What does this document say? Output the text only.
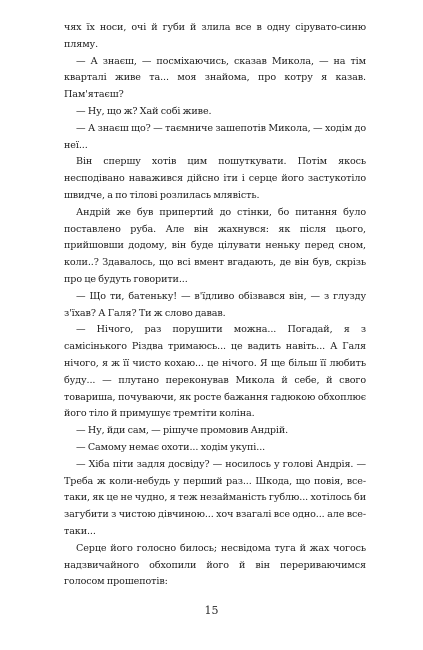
чях їх носи, очі й губи й злила все в одну сірувато-синю пляму.

— А знаєш, — посміхаючись, сказав Микола, — на тім кварталі живе та... моя знайома, про котру я казав. Пам'ятаєш?

— Ну, що ж? Хай собі живе.

— А знаєш що? — таємниче зашепотів Микола, — ходім до неї...

Він спершу хотів цим пошуткувати. Потім якось несподівано наважився дійсно іти і серце його застукотіло швидче, а по тілові розлилась млявість.

Андрій же був припертий до стінки, бо питання було поставлено руба. Але він жахнувся: як після цього, прийшовши додому, він буде цілувати неньку перед сном, коли..? Здавалось, що всі вмент вгадають, де він був, скрізь про це будуть говорити...

— Що ти, батеньку! — в'їдливо обізвався він, — з глузду з'їхав? А Галя? Ти ж слово давав.

— Нічого, раз порушити можна... Погадай, я з самісінького Різдва тримаюсь... це вадить навіть... А Галя нічого, я ж її чисто кохаю... це нічого. Я ще більш її любить буду... — плутано переконував Микола й себе, й свого товариша, почуваючи, як росте бажання гадюкою обхоплює його тіло й примушує тремтіти коліна.

— Ну, йди сам, — рішуче промовив Андрій.

— Самому немає охоти... ходім укупі...

— Хіба піти задля досвіду? — носилось у голові Андрія. — Треба ж коли-небудь у перший раз... Шкода, що повія, все-таки, як це не чудно, я теж незайманість гублю... хотілось би загубити з чистою дівчиною... хоч взагалі все одно... але все-таки...

Серце його голосно билось; несвідома туга й жах чогось надзвичайного обхопили його й він перериваючимся голосом прошепотів:

15
